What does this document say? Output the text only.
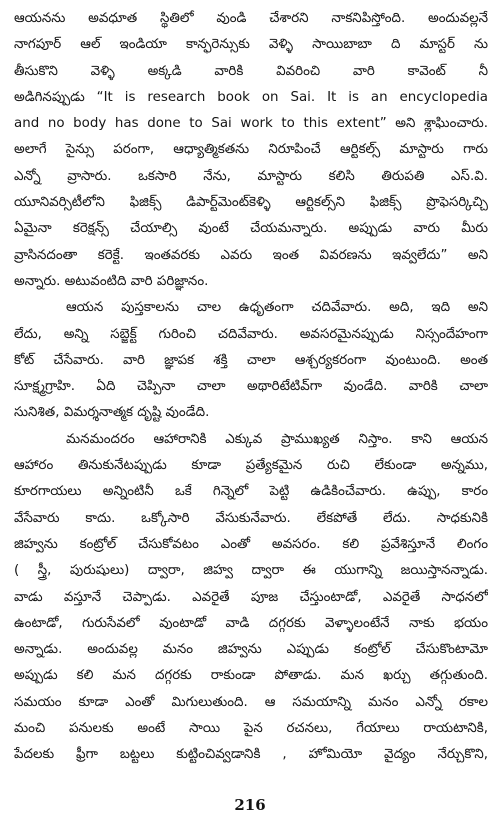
ఆయనను అవధూత స్థితిలో వుండి చేశారని నాకనిపిస్తోంది. అందువల్లనే
నాగపూర్ ఆల్ ఇండియా కాన్ఫరెన్సుకు వెళ్ళి సాయిబాబా ది మాస్టర్ ను
తీసుకొని వెళ్ళి అక్కడి వారికి వివరించి వారి కావెంట్ నీ
అడిగినప్పుడు “It is research book on Sai. It is an encyclopedia
and no body has done to Sai work to this extent” అని శ్లాఘించారు.
అలాగే సైన్సు పరంగా, ఆధ్యాత్మికతను నిరూపించే ఆర్టికల్స్ మాస్టారు గారు
ఎన్నో వ్రాసారు. ఒకసారి నేను, మాస్టారు కలిసి తిరుపతి ఎస్.వి.
యూనివర్సిటీలోని ఫిజిక్స్ డిపార్ట్‌మెంట్‌కెళ్ళి ఆర్టికల్స్‌ని ఫిజిక్స్ ప్రొఫెసర్కిచ్చి
ఏమైనా కరెక్షన్స్ చేయాల్సి వుంటే చేయమన్నారు. అప్పుడు వారు మీరు
వ్రాసినదంతా కరెక్టే. ఇంతవరకు ఎవరు ఇంత వివరణను ఇవ్వలేదు” అని
అన్నారు. అటువంటిది వారి పరిజ్ఞానం.
ఆయన పుస్తకాలను చాల ఉధృతంగా చదివేవారు. అది, ఇది అని
లేదు, అన్ని సబ్జెక్ట్ గురించి చదివేవారు. అవసరమైనప్పుడు నిస్సందేహంగా
కోట్ చేసేవారు. వారి జ్ఞాపక శక్తి చాలా ఆశ్చర్యకరంగా వుంటుంది. అంత
సూక్ష్మగ్రాహి. ఏది చెప్పినా చాలా అథారిటేటివ్‌గా వుండేది. వారికి చాలా
సునిశిత, విమర్శనాత్మక దృష్టి వుండేది.
మనమందరం ఆహారానికి ఎక్కువ ప్రాముఖ్యత నిస్తాం. కాని ఆయన
ఆహారం తినుకునేటప్పుడు కూడా ప్రత్యేకమైన రుచి లేకుండా అన్నము,
కూరగాయలు అన్నింటినీ ఒకే గిన్నెలో పెట్టి ఉడికించేవారు. ఉప్పు, కారం
వేసేవారు కాదు. ఒక్కోసారి వేసుకునేవారు. లేకపోతే లేదు. సాధకునికి
జిహ్వను కంట్రోల్ చేసుకోవటం ఎంతో అవసరం. కలి ప్రవేశిస్తూనే లింగం
( స్త్రీ, పురుషులు) ద్వారా, జిహ్వ ద్వారా ఈ యుగాన్ని జయిస్తానన్నాడు.
వాడు వస్తూనే చెప్పాడు. ఎవరైతే పూజ చేస్తుంటాడో, ఎవరైతే సాధనలో
ఉంటాడో, గురుసేవలో వుంటాడో వాడి దగ్గరకు వెళ్ళాలంటేనే నాకు భయం
అన్నాడు. అందువల్ల మనం జిహ్వను ఎప్పుడు కంట్రోల్ చేసుకొంటామో
అప్పుడు కలి మన దగ్గరకు రాకుండా పోతాడు. మన ఖర్చు తగ్గుతుంది.
సమయం కూడా ఎంతో మిగులుతుంది. ఆ సమయాన్ని మనం ఎన్నో రకాల
మంచి పనులకు అంటే సాయి పైన రచనలు, గేయాలు రాయటానికి,
పేదలకు ఫ్రీగా బట్టలు కుట్టించివ్వడానికి , హోమియో వైద్యం నేర్చుకొని,
216
